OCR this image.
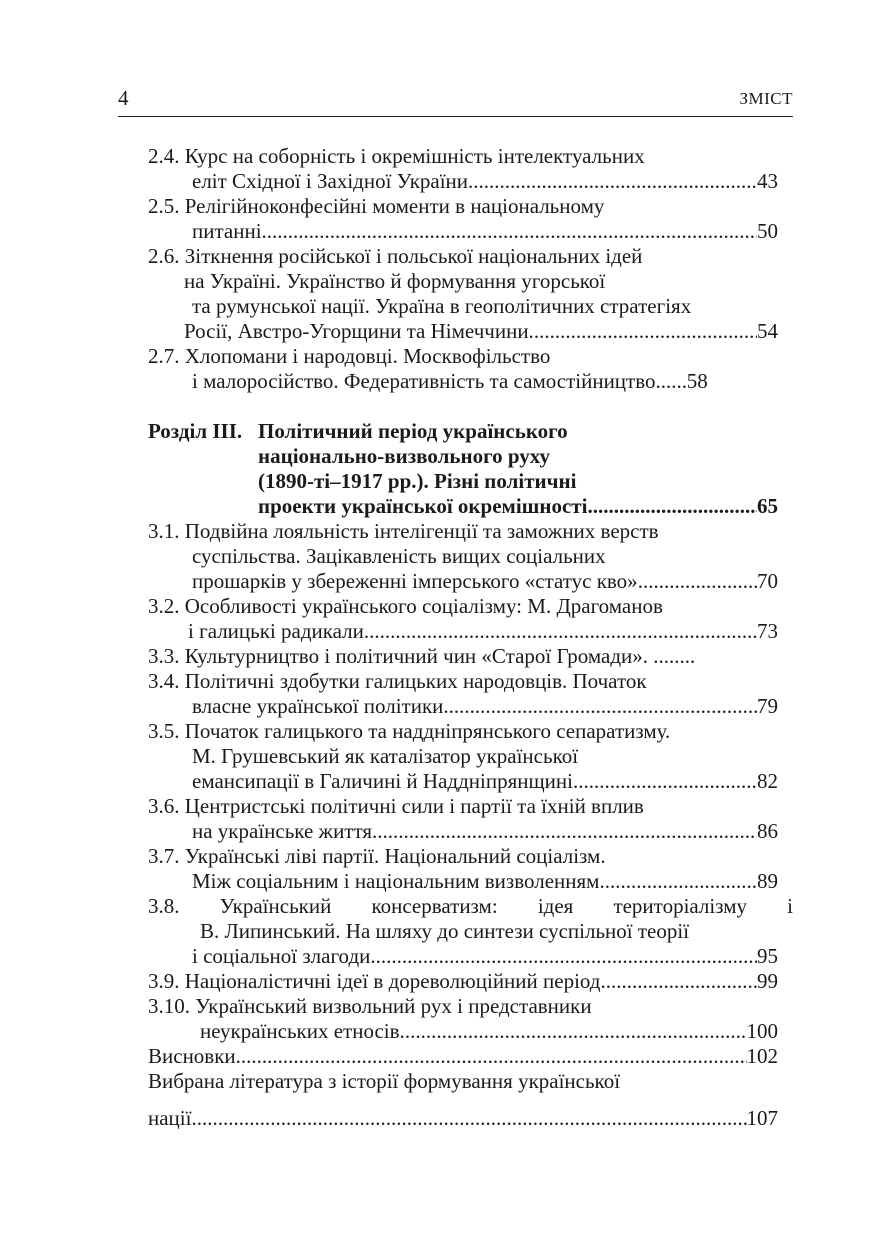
4	ЗМІСТ
2.4. Курс на соборність і окремішність інтелектуальних
еліт Східної і Західної України. .....	43
2.5. Релігійноконфесійні моменти в національному
питанні. .....	50
2.6. Зіткнення російської і польської національних ідей
на Україні. Українство й формування угорської
та румунської нації. Україна в геополітичних стратегіях
Росії, Австро-Угорщини та Німеччини. .....	54
2.7. Хлопомани і народовці. Москвофільство
і малоросійство. Федеративність та самостійництво. ..... 58
Розділ ІІІ. Політичний період українського
національно-визвольного руху
(1890-ті–1917 рр.). Різні політичні
проекти української окремішності. .....	65
3.1. Подвійна лояльність інтелігенції та заможних верств
суспільства. Зацікавленість вищих соціальних
прошарків у збереженні імперського «статус кво» .....	70
3.2. Особливості українського соціалізму: М. Драгоманов
і галицькі радикали. .....	73
3.3. Культурництво і політичний чин «Старої Громади». ........
3.4. Політичні здобутки галицьких народовців. Початок
власне української політики. .....	79
3.5. Початок галицького та наддніпрянського сепаратизму.
М. Грушевський як каталізатор української
емансипації в Галичині й Наддніпрянщині .....	82
3.6. Центристські політичні сили і партії та їхній вплив
на українське життя. .....	86
3.7. Українські ліві партії. Національний соціалізм.
Між соціальним і національним визволенням. .....	89
3.8. Український консерватизм: ідея територіалізму і
В. Липинський. На шляху до синтези суспільної теорії
і соціальної злагоди. .....	95
3.9. Націоналістичні ідеї в дореволюційний період. .....	99
3.10. Український визвольний рух і представники
неукраїнських етносів. .....	100
Висновки .....	102
Вибрана література з історії формування української
нації. .....	107
